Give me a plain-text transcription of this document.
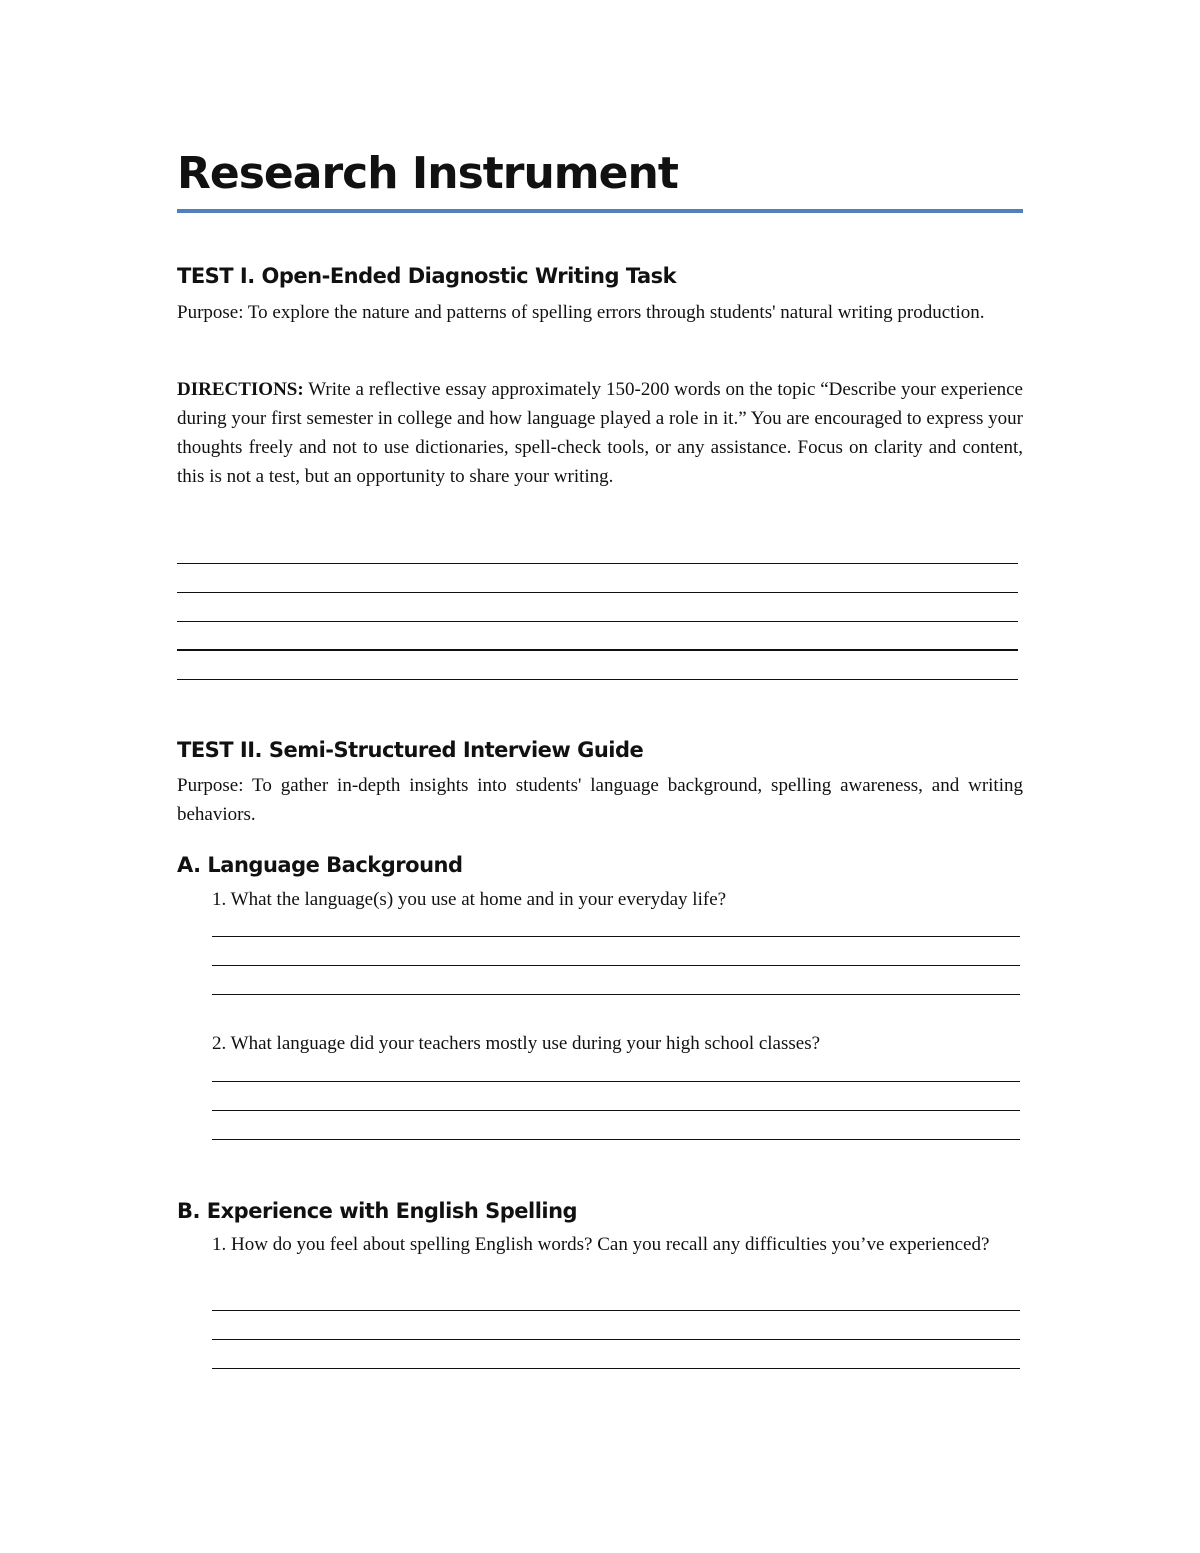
Research Instrument
TEST I. Open-Ended Diagnostic Writing Task

Purpose: To explore the nature and patterns of spelling errors through students' natural writing production.

DIRECTIONS: Write a reflective essay approximately 150-200 words on the topic “Describe your experience during your first semester in college and how language played a role in it.” You are encouraged to express your thoughts freely and not to use dictionaries, spell-check tools, or any assistance. Focus on clarity and content, this is not a test, but an opportunity to share your writing.

TEST II. Semi-Structured Interview Guide

Purpose: To gather in-depth insights into students' language background, spelling awareness, and writing behaviors.

A. Language Background

1. What the language(s) you use at home and in your everyday life?

2. What language did your teachers mostly use during your high school classes?

B. Experience with English Spelling

1. How do you feel about spelling English words? Can you recall any difficulties you’ve experienced?
